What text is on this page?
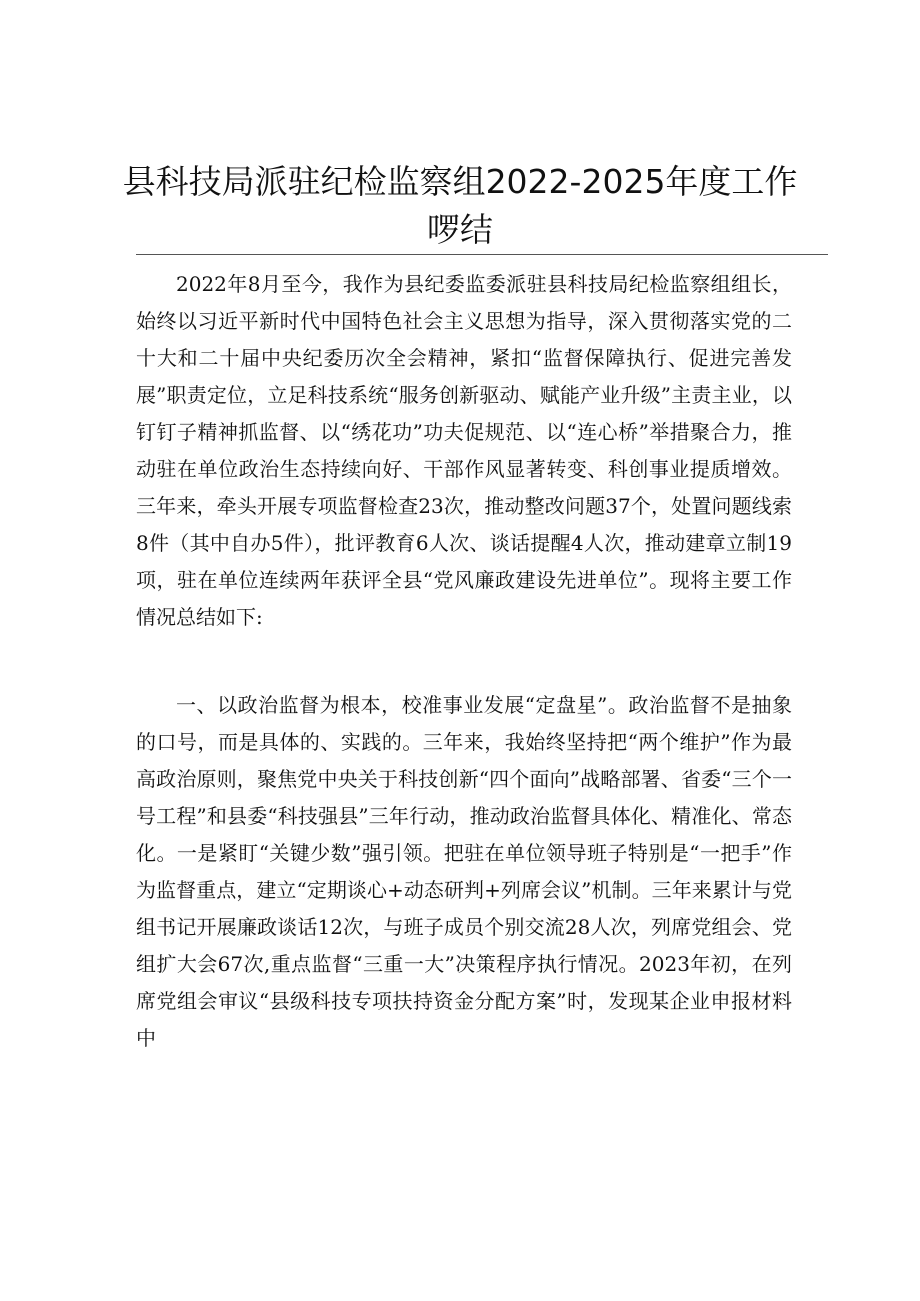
县科技局派驻纪检监察组2022-2025年度工作啰结

2022年8月至今，我作为县纪委监委派驻县科技局纪检监察组组长，始终以习近平新时代中国特色社会主义思想为指导，深入贯彻落实党的二十大和二十届中央纪委历次全会精神，紧扣“监督保障执行、促进完善发展”职责定位，立足科技系统“服务创新驱动、赋能产业升级”主责主业，以钉钉子精神抓监督、以“绣花功”功夫促规范、以“连心桥”举措聚合力，推动驻在单位政治生态持续向好、干部作风显著转变、科创事业提质增效。三年来，牵头开展专项监督检查23次，推动整改问题37个，处置问题线索8件（其中自办5件），批评教育6人次、谈话提醒4人次，推动建章立制19项，驻在单位连续两年获评全县“党风廉政建设先进单位”。现将主要工作情况总结如下:

一、以政治监督为根本，校准事业发展“定盘星”。政治监督不是抽象的口号，而是具体的、实践的。三年来，我始终坚持把“两个维护”作为最高政治原则，聚焦党中央关于科技创新“四个面向”战略部署、省委“三个一号工程”和县委“科技强县”三年行动，推动政治监督具体化、精准化、常态化。一是紧盯“关键少数”强引领。把驻在单位领导班子特别是“一把手”作为监督重点，建立“定期谈心+动态研判+列席会议”机制。三年来累计与党组书记开展廉政谈话12次，与班子成员个别交流28人次，列席党组会、党组扩大会67次,重点监督“三重一大”决策程序执行情况。2023年初，在列席党组会审议“县级科技专项扶持资金分配方案”时，发现某企业申报材料中
